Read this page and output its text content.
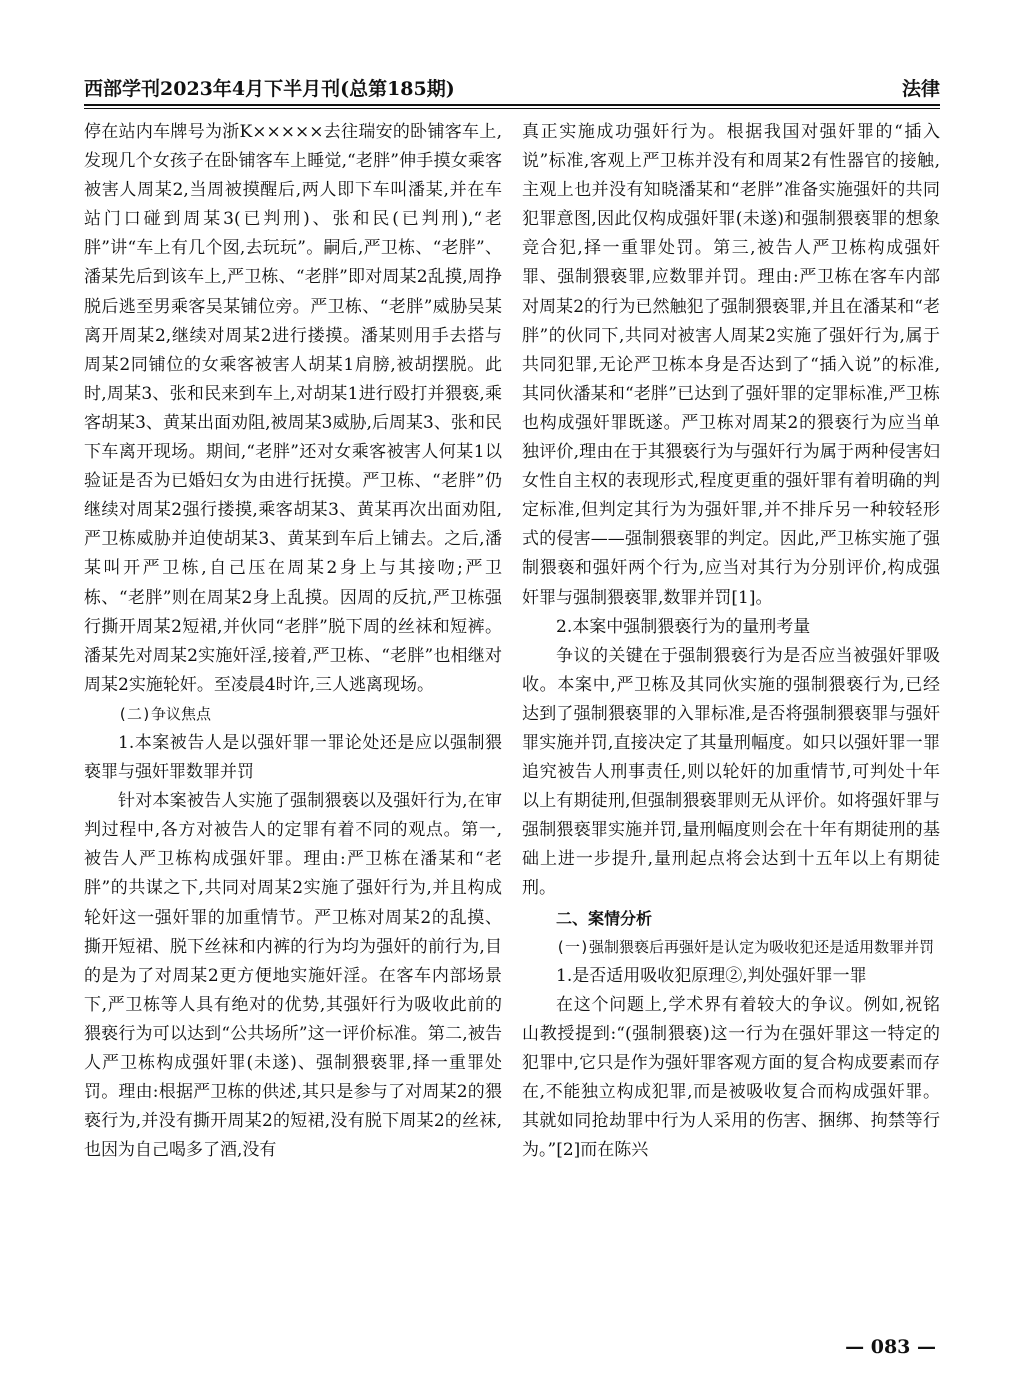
西部学刊2023年4月下半月刊(总第185期)	法律

停在站内车牌号为浙K×××××去往瑞安的卧铺客车上,发现几个女孩子在卧铺客车上睡觉,“老胖”伸手摸女乘客被害人周某2,当周被摸醒后,两人即下车叫潘某,并在车站门口碰到周某3(已判刑)、张和民(已判刑),“老胖”讲“车上有几个囡,去玩玩”。嗣后,严卫栋、“老胖”、潘某先后到该车上,严卫栋、“老胖”即对周某2乱摸,周挣脱后逃至男乘客吴某铺位旁。严卫栋、“老胖”威胁吴某离开周某2,继续对周某2进行搂摸。潘某则用手去搭与周某2同铺位的女乘客被害人胡某1肩膀,被胡摆脱。此时,周某3、张和民来到车上,对胡某1进行殴打并猥亵,乘客胡某3、黄某出面劝阻,被周某3威胁,后周某3、张和民下车离开现场。期间,“老胖”还对女乘客被害人何某1以验证是否为已婚妇女为由进行抚摸。严卫栋、“老胖”仍继续对周某2强行搂摸,乘客胡某3、黄某再次出面劝阻,严卫栋威胁并迫使胡某3、黄某到车后上铺去。之后,潘某叫开严卫栋,自己压在周某2身上与其接吻;严卫栋、“老胖”则在周某2身上乱摸。因周的反抗,严卫栋强行撕开周某2短裙,并伙同“老胖”脱下周的丝袜和短裤。潘某先对周某2实施奸淫,接着,严卫栋、“老胖”也相继对周某2实施轮奸。至凌晨4时许,三人逃离现场。

(二)争议焦点

1.本案被告人是以强奸罪一罪论处还是应以强制猥亵罪与强奸罪数罪并罚

针对本案被告人实施了强制猥亵以及强奸行为,在审判过程中,各方对被告人的定罪有着不同的观点。第一,被告人严卫栋构成强奸罪。理由:严卫栋在潘某和“老胖”的共谋之下,共同对周某2实施了强奸行为,并且构成轮奸这一强奸罪的加重情节。严卫栋对周某2的乱摸、撕开短裙、脱下丝袜和内裤的行为均为强奸的前行为,目的是为了对周某2更方便地实施奸淫。在客车内部场景下,严卫栋等人具有绝对的优势,其强奸行为吸收此前的猥亵行为可以达到“公共场所”这一评价标准。第二,被告人严卫栋构成强奸罪(未遂)、强制猥亵罪,择一重罪处罚。理由:根据严卫栋的供述,其只是参与了对周某2的猥亵行为,并没有撕开周某2的短裙,没有脱下周某2的丝袜,也因为自己喝多了酒,没有

真正实施成功强奸行为。根据我国对强奸罪的“插入说”标准,客观上严卫栋并没有和周某2有性器官的接触,主观上也并没有知晓潘某和“老胖”准备实施强奸的共同犯罪意图,因此仅构成强奸罪(未遂)和强制猥亵罪的想象竞合犯,择一重罪处罚。第三,被告人严卫栋构成强奸罪、强制猥亵罪,应数罪并罚。理由:严卫栋在客车内部对周某2的行为已然触犯了强制猥亵罪,并且在潘某和“老胖”的伙同下,共同对被害人周某2实施了强奸行为,属于共同犯罪,无论严卫栋本身是否达到了“插入说”的标准,其同伙潘某和“老胖”已达到了强奸罪的定罪标准,严卫栋也构成强奸罪既遂。严卫栋对周某2的猥亵行为应当单独评价,理由在于其猥亵行为与强奸行为属于两种侵害妇女性自主权的表现形式,程度更重的强奸罪有着明确的判定标准,但判定其行为为强奸罪,并不排斥另一种较轻形式的侵害——强制猥亵罪的判定。因此,严卫栋实施了强制猥亵和强奸两个行为,应当对其行为分别评价,构成强奸罪与强制猥亵罪,数罪并罚[1]。

2.本案中强制猥亵行为的量刑考量

争议的关键在于强制猥亵行为是否应当被强奸罪吸收。本案中,严卫栋及其同伙实施的强制猥亵行为,已经达到了强制猥亵罪的入罪标准,是否将强制猥亵罪与强奸罪实施并罚,直接决定了其量刑幅度。如只以强奸罪一罪追究被告人刑事责任,则以轮奸的加重情节,可判处十年以上有期徒刑,但强制猥亵罪则无从评价。如将强奸罪与强制猥亵罪实施并罚,量刑幅度则会在十年有期徒刑的基础上进一步提升,量刑起点将会达到十五年以上有期徒刑。

二、案情分析

(一)强制猥亵后再强奸是认定为吸收犯还是适用数罪并罚

1.是否适用吸收犯原理②,判处强奸罪一罪

在这个问题上,学术界有着较大的争议。例如,祝铭山教授提到:“(强制猥亵)这一行为在强奸罪这一特定的犯罪中,它只是作为强奸罪客观方面的复合构成要素而存在,不能独立构成犯罪,而是被吸收复合而构成强奸罪。其就如同抢劫罪中行为人采用的伤害、捆绑、拘禁等行为。”[2]而在陈兴

— 083 —
